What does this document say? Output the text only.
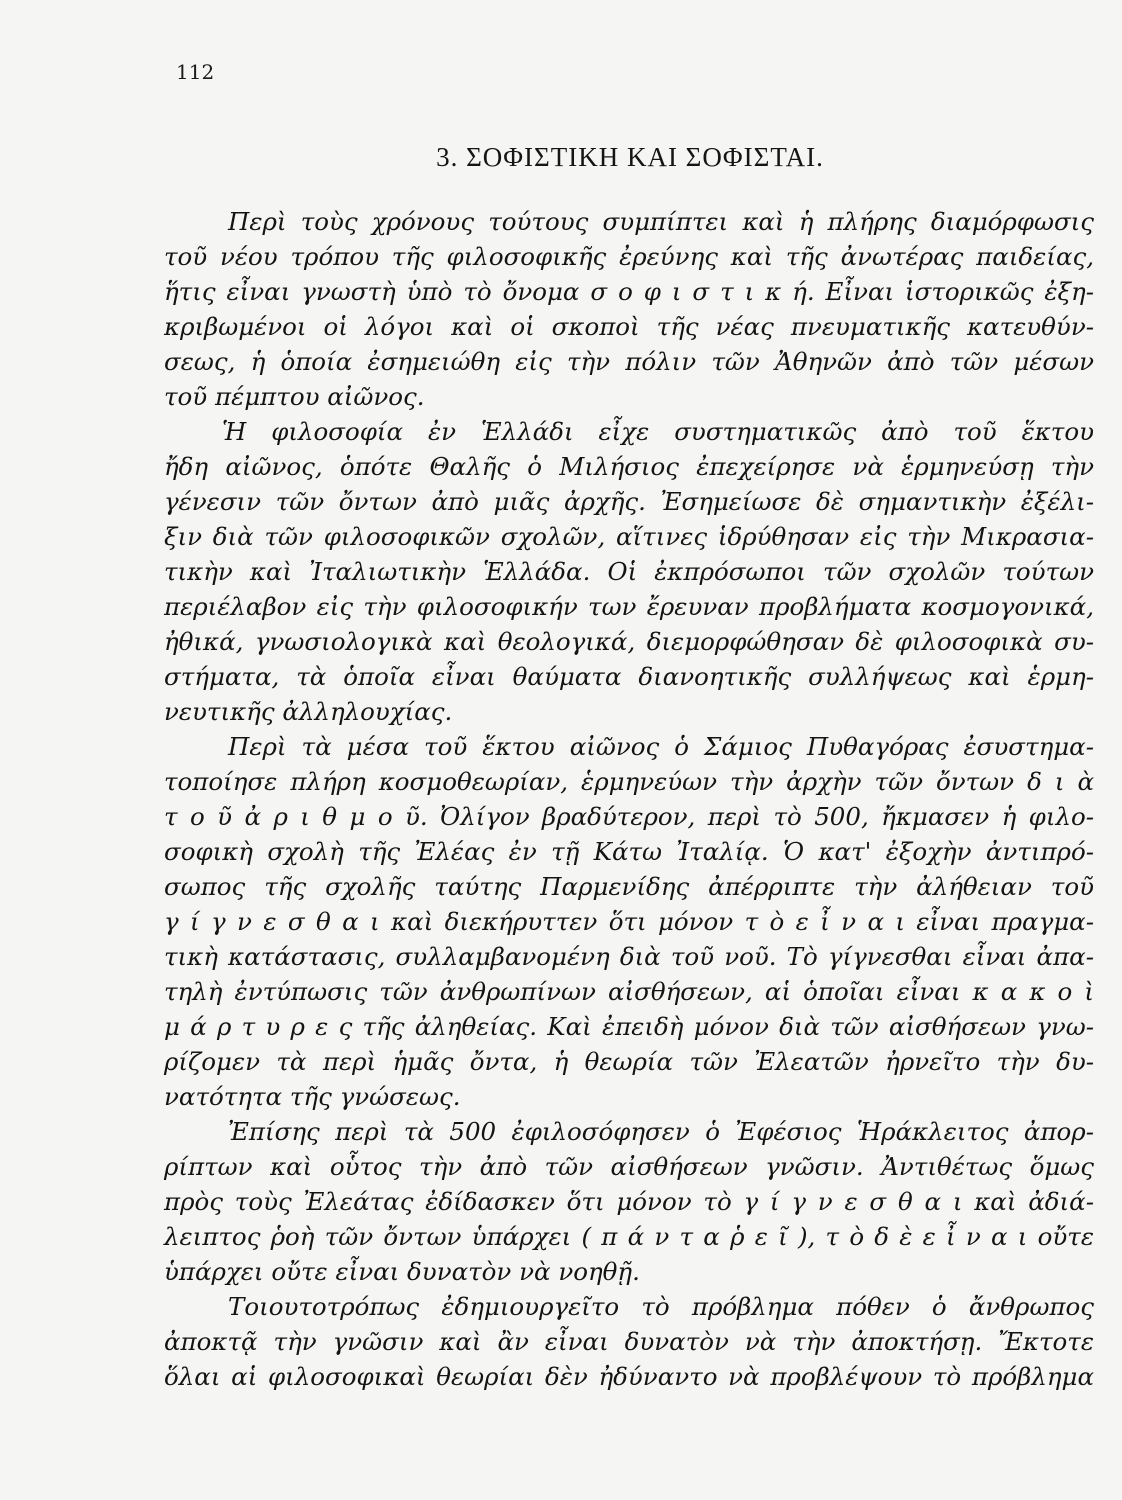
112
3. ΣΟΦΙΣΤΙΚΗ ΚΑΙ ΣΟΦΙΣΤΑΙ.
Περὶ τοὺς χρόνους τούτους συμπίπτει καὶ ἡ πλήρης διαμόρφωσις
τοῦ νέου τρόπου τῆς φιλοσοφικῆς ἐρεύνης καὶ τῆς ἀνωτέρας παιδείας,
ἥτις εἶναι γνωστὴ ὑπὸ τὸ ὄνομα σ ο φ ι σ τ ι κ ή. Εἶναι ἱστορικῶς ἐξη-
κριβωμένοι οἱ λόγοι καὶ οἱ σκοποὶ τῆς νέας πνευματικῆς κατευθύν-
σεως, ἡ ὁποία ἐσημειώθη εἰς τὴν πόλιν τῶν Ἀθηνῶν ἀπὸ τῶν μέσων
τοῦ πέμπτου αἰῶνος.
Ἡ φιλοσοφία ἐν Ἑλλάδι εἶχε συστηματικῶς ἀπὸ τοῦ ἕκτου
ἤδη αἰῶνος, ὁπότε Θαλῆς ὁ Μιλήσιος ἐπεχείρησε νὰ ἑρμηνεύσῃ τὴν
γένεσιν τῶν ὄντων ἀπὸ μιᾶς ἀρχῆς. Ἐσημείωσε δὲ σημαντικὴν ἐξέλι-
ξιν διὰ τῶν φιλοσοφικῶν σχολῶν, αἵτινες ἱδρύθησαν εἰς τὴν Μικρασια-
τικὴν καὶ Ἰταλιωτικὴν Ἑλλάδα. Οἱ ἐκπρόσωποι τῶν σχολῶν τούτων
περιέλαβον εἰς τὴν φιλοσοφικήν των ἔρευναν προβλήματα κοσμογονικά,
ἠθικά, γνωσιολογικὰ καὶ θεολογικά, διεμορφώθησαν δὲ φιλοσοφικὰ συ-
στήματα, τὰ ὁποῖα εἶναι θαύματα διανοητικῆς συλλήψεως καὶ ἑρμη-
νευτικῆς ἀλληλουχίας.
Περὶ τὰ μέσα τοῦ ἕκτου αἰῶνος ὁ Σάμιος Πυθαγόρας ἐσυστημα-
τοποίησε πλήρη κοσμοθεωρίαν, ἑρμηνεύων τὴν ἀρχὴν τῶν ὄντων δ ι ὰ
τ ο ῦ ἀ ρ ι θ μ ο ῦ. Ὀλίγον βραδύτερον, περὶ τὸ 500, ἤκμασεν ἡ φιλο-
σοφικὴ σχολὴ τῆς Ἐλέας ἐν τῇ Κάτω Ἰταλίᾳ. Ὁ κατ' ἐξοχὴν ἀντιπρό-
σωπος τῆς σχολῆς ταύτης Παρμενίδης ἀπέρριπτε τὴν ἀλήθειαν τοῦ
γ ί γ ν ε σ θ α ι καὶ διεκήρυττεν ὅτι μόνον τ ὸ ε ἶ ν α ι εἶναι πραγμα-
τικὴ κατάστασις, συλλαμβανομένη διὰ τοῦ νοῦ. Τὸ γίγνεσθαι εἶναι ἀπα-
τηλὴ ἐντύπωσις τῶν ἀνθρωπίνων αἰσθήσεων, αἱ ὁποῖαι εἶναι κ α κ ο ὶ
μ ά ρ τ υ ρ ε ς τῆς ἀληθείας. Καὶ ἐπειδὴ μόνον διὰ τῶν αἰσθήσεων γνω-
ρίζομεν τὰ περὶ ἡμᾶς ὄντα, ἡ θεωρία τῶν Ἐλεατῶν ἠρνεῖτο τὴν δυ-
νατότητα τῆς γνώσεως.
Ἐπίσης περὶ τὰ 500 ἐφιλοσόφησεν ὁ Ἐφέσιος Ἡράκλειτος ἀπορ-
ρίπτων καὶ οὗτος τὴν ἀπὸ τῶν αἰσθήσεων γνῶσιν. Ἀντιθέτως ὅμως
πρὸς τοὺς Ἐλεάτας ἐδίδασκεν ὅτι μόνον τὸ γ ί γ ν ε σ θ α ι καὶ ἀδιά-
λειπτος ῥοὴ τῶν ὄντων ὑπάρχει ( π ά ν τ α ῥ ε ῖ ), τ ὸ δ ὲ ε ἶ ν α ι οὔτε
ὑπάρχει οὔτε εἶναι δυνατὸν νὰ νοηθῇ.
Τοιουτοτρόπως ἐδημιουργεῖτο τὸ πρόβλημα πόθεν ὁ ἄνθρωπος
ἀποκτᾷ τὴν γνῶσιν καὶ ἂν εἶναι δυνατὸν νὰ τὴν ἀποκτήσῃ. Ἔκτοτε
ὅλαι αἱ φιλοσοφικαὶ θεωρίαι δὲν ἠδύναντο νὰ προβλέψουν τὸ πρόβλημα
